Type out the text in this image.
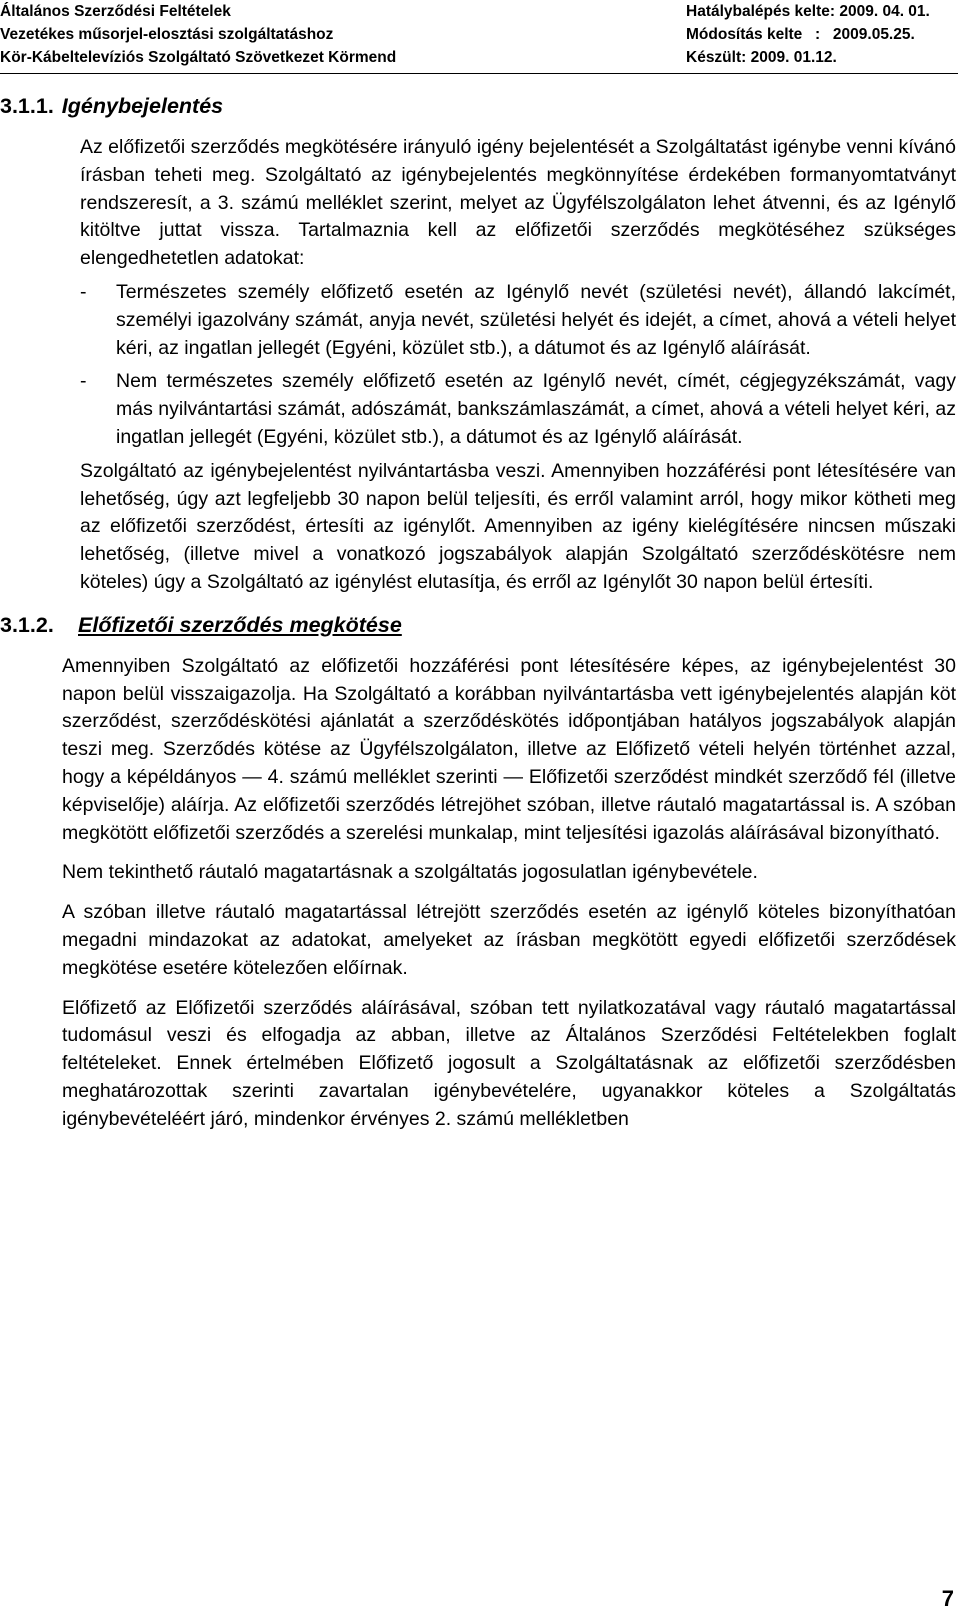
Általános Szerződési Feltételek	Hatálybalépés kelte: 2009. 04. 01.
Vezetékes műsorjel-elosztási szolgáltatáshoz	Módosítás kelte : 2009.05.25.
Kör-Kábeltelevíziós Szolgáltató Szövetkezet Körmend	Készült: 2009. 01.12.
3.1.1. Igénybejelentés

Az előfizetői szerződés megkötésére irányuló igény bejelentését a Szolgáltatást igénybe venni kívánó írásban teheti meg. Szolgáltató az igénybejelentés megkönnyítése érdekében formanyomtatványt rendszeresít, a 3. számú melléklet szerint, melyet az Ügyfélszolgálaton lehet átvenni, és az Igénylő kitöltve juttat vissza. Tartalmaznia kell az előfizetői szerződés megkötéséhez szükséges elengedhetetlen adatokat:

- Természetes személy előfizető esetén az Igénylő nevét (születési nevét), állandó lakcímét, személyi igazolvány számát, anyja nevét, születési helyét és idejét, a címet, ahová a vételi helyet kéri, az ingatlan jellegét (Egyéni, közület stb.), a dátumot és az Igénylő aláírását.
- Nem természetes személy előfizető esetén az Igénylő nevét, címét, cégjegyzékszámát, vagy más nyilvántartási számát, adószámát, bankszámlaszámát, a címet, ahová a vételi helyet kéri, az ingatlan jellegét (Egyéni, közület stb.), a dátumot és az Igénylő aláírását.

Szolgáltató az igénybejelentést nyilvántartásba veszi. Amennyiben hozzáférési pont létesítésére van lehetőség, úgy azt legfeljebb 30 napon belül teljesíti, és erről valamint arról, hogy mikor kötheti meg az előfizetői szerződést, értesíti az igénylőt. Amennyiben az igény kielégítésére nincsen műszaki lehetőség, (illetve mivel a vonatkozó jogszabályok alapján Szolgáltató szerződéskötésre nem köteles) úgy a Szolgáltató az igénylést elutasítja, és erről az Igénylőt 30 napon belül értesíti.

3.1.2.	Előfizetői szerződés megkötése

Amennyiben Szolgáltató az előfizetői hozzáférési pont létesítésére képes, az igénybejelentést 30 napon belül visszaigazolja. Ha Szolgáltató a korábban nyilvántartásba vett igénybejelentés alapján köt szerződést, szerződéskötési ajánlatát a szerződéskötés időpontjában hatályos jogszabályok alapján teszi meg. Szerződés kötése az Ügyfélszolgálaton, illetve az Előfizető vételi helyén történhet azzal, hogy a képéldányos — 4. számú melléklet szerinti — Előfizetői szerződést mindkét szerződő fél (illetve képviselője) aláírja. Az előfizetői szerződés létrejöhet szóban, illetve ráutaló magatartással is. A szóban megkötött előfizetői szerződés a szerelési munkalap, mint teljesítési igazolás aláírásával bizonyítható.

Nem tekinthető ráutaló magatartásnak a szolgáltatás jogosulatlan igénybevétele.

A szóban illetve ráutaló magatartással létrejött szerződés esetén az igénylő köteles bizonyíthatóan megadni mindazokat az adatokat, amelyeket az írásban megkötött egyedi előfizetői szerződések megkötése esetére kötelezően előírnak.

Előfizető az Előfizetői szerződés aláírásával, szóban tett nyilatkozatával vagy ráutaló magatartással tudomásul veszi és elfogadja az abban, illetve az Általános Szerződési Feltételekben foglalt feltételeket. Ennek értelmében Előfizető jogosult a Szolgáltatásnak az előfizetői szerződésben meghatározottak szerinti zavartalan igénybevételére, ugyanakkor köteles a Szolgáltatás igénybevételéért járó, mindenkor érvényes 2. számú mellékletben

7
